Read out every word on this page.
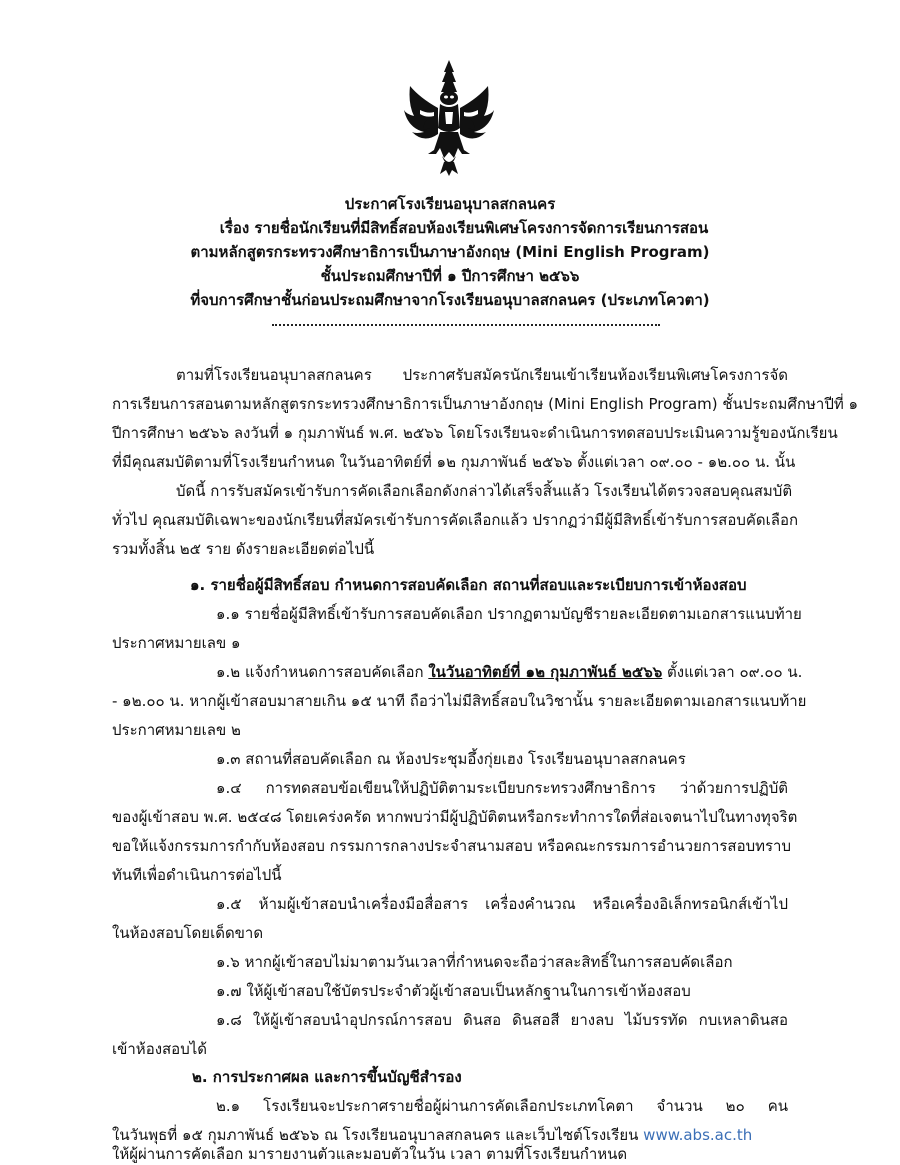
ประกาศโรงเรียนอนุบาลสกลนคร
เรื่อง รายชื่อนักเรียนที่มีสิทธิ์สอบห้องเรียนพิเศษโครงการจัดการเรียนการสอน
ตามหลักสูตรกระทรวงศึกษาธิการเป็นภาษาอังกฤษ (Mini English Program)
ชั้นประถมศึกษาปีที่ ๑ ปีการศึกษา ๒๕๖๖
ที่จบการศึกษาชั้นก่อนประถมศึกษาจากโรงเรียนอนุบาลสกลนคร (ประเภทโควตา)
ตามที่โรงเรียนอนุบาลสกลนคร ประกาศรับสมัครนักเรียนเข้าเรียนห้องเรียนพิเศษโครงการจัด
การเรียนการสอนตามหลักสูตรกระทรวงศึกษาธิการเป็นภาษาอังกฤษ (Mini English Program) ชั้นประถมศึกษาปีที่ ๑
ปีการศึกษา ๒๕๖๖ ลงวันที่ ๑ กุมภาพันธ์ พ.ศ. ๒๕๖๖ โดยโรงเรียนจะดำเนินการทดสอบประเมินความรู้ของนักเรียน
ที่มีคุณสมบัติตามที่โรงเรียนกำหนด ในวันอาทิตย์ที่ ๑๒ กุมภาพันธ์ ๒๕๖๖ ตั้งแต่เวลา ๐๙.๐๐ - ๑๒.๐๐ น. นั้น
บัดนี้ การรับสมัครเข้ารับการคัดเลือกเลือกดังกล่าวได้เสร็จสิ้นแล้ว โรงเรียนได้ตรวจสอบคุณสมบัติ
ทั่วไป คุณสมบัติเฉพาะของนักเรียนที่สมัครเข้ารับการคัดเลือกแล้ว ปรากฏว่ามีผู้มีสิทธิ์เข้ารับการสอบคัดเลือก
รวมทั้งสิ้น ๒๕ ราย ดังรายละเอียดต่อไปนี้
๑. รายชื่อผู้มีสิทธิ์สอบ กำหนดการสอบคัดเลือก สถานที่สอบและระเบียบการเข้าห้องสอบ
๑.๑ รายชื่อผู้มีสิทธิ์เข้ารับการสอบคัดเลือก ปรากฏตามบัญชีรายละเอียดตามเอกสารแนบท้าย
ประกาศหมายเลข ๑
๑.๒ แจ้งกำหนดการสอบคัดเลือก ในวันอาทิตย์ที่ ๑๒ กุมภาพันธ์ ๒๕๖๖ ตั้งแต่เวลา ๐๙.๐๐ น.
- ๑๒.๐๐ น. หากผู้เข้าสอบมาสายเกิน ๑๕ นาที ถือว่าไม่มีสิทธิ์สอบในวิชานั้น รายละเอียดตามเอกสารแนบท้าย
ประกาศหมายเลข ๒
๑.๓ สถานที่สอบคัดเลือก ณ ห้องประชุมอึ้งกุ่ยเฮง โรงเรียนอนุบาลสกลนคร
๑.๔ การทดสอบข้อเขียนให้ปฏิบัติตามระเบียบกระทรวงศึกษาธิการ ว่าด้วยการปฏิบัติ
ของผู้เข้าสอบ พ.ศ. ๒๕๔๘ โดยเคร่งครัด หากพบว่ามีผู้ปฏิบัติตนหรือกระทำการใดที่ส่อเจตนาไปในทางทุจริต
ขอให้แจ้งกรรมการกำกับห้องสอบ กรรมการกลางประจำสนามสอบ หรือคณะกรรมการอำนวยการสอบทราบ
ทันทีเพื่อดำเนินการต่อไปนี้
๑.๕ ห้ามผู้เข้าสอบนำเครื่องมือสื่อสาร เครื่องคำนวณ หรือเครื่องอิเล็กทรอนิกส์เข้าไป
ในห้องสอบโดยเด็ดขาด
๑.๖ หากผู้เข้าสอบไม่มาตามวันเวลาที่กำหนดจะถือว่าสละสิทธิ์ในการสอบคัดเลือก
๑.๗ ให้ผู้เข้าสอบใช้บัตรประจำตัวผู้เข้าสอบเป็นหลักฐานในการเข้าห้องสอบ
๑.๘ ให้ผู้เข้าสอบนำอุปกรณ์การสอบ ดินสอ ดินสอสี ยางลบ ไม้บรรทัด กบเหลาดินสอ
เข้าห้องสอบได้
๒. การประกาศผล และการขึ้นบัญชีสำรอง
๒.๑ โรงเรียนจะประกาศรายชื่อผู้ผ่านการคัดเลือกประเภทโคตา จำนวน ๒๐ คน
ในวันพุธที่ ๑๕ กุมภาพันธ์ ๒๕๖๖ ณ โรงเรียนอนุบาลสกลนคร และเว็บไซต์โรงเรียน www.abs.ac.th
ให้ผู้ผ่านการคัดเลือก มารายงานตัวและมอบตัวในวัน เวลา ตามที่โรงเรียนกำหนด
